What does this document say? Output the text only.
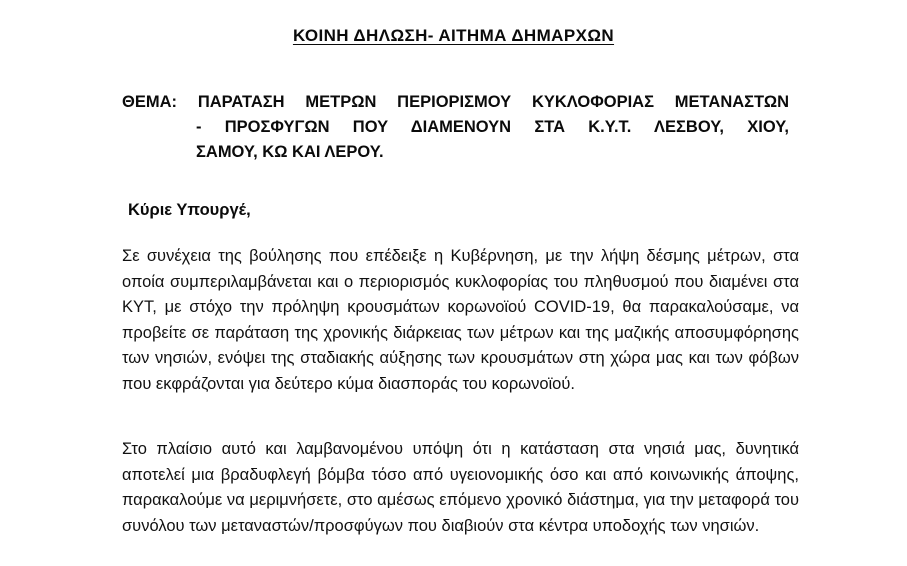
ΚΟΙΝΗ ΔΗΛΩΣΗ- ΑΙΤΗΜΑ ΔΗΜΑΡΧΩΝ
ΘΕΜΑ: ΠΑΡΑΤΑΣΗ ΜΕΤΡΩΝ ΠΕΡΙΟΡΙΣΜΟΥ ΚΥΚΛΟΦΟΡΙΑΣ ΜΕΤΑΝΑΣΤΩΝ
- ΠΡΟΣΦΥΓΩΝ ΠΟΥ ΔΙΑΜΕΝΟΥΝ ΣΤΑ Κ.Υ.Τ. ΛΕΣΒΟΥ, ΧΙΟΥ,
ΣΑΜΟΥ, ΚΩ ΚΑΙ ΛΕΡΟΥ.
Κύριε Υπουργέ,

Σε συνέχεια της βούλησης που επέδειξε η Κυβέρνηση, με την λήψη δέσμης μέτρων, στα οποία συμπεριλαμβάνεται και ο περιορισμός κυκλοφορίας του πληθυσμού που διαμένει στα ΚΥΤ, με στόχο την πρόληψη κρουσμάτων κορωνοϊού COVID-19, θα παρακαλούσαμε, να προβείτε σε παράταση της χρονικής διάρκειας των μέτρων και της μαζικής αποσυμφόρησης των νησιών, ενόψει της σταδιακής αύξησης των κρουσμάτων στη χώρα μας και των φόβων που εκφράζονται για δεύτερο κύμα διασποράς του κορωνοϊού.

Στο πλαίσιο αυτό και λαμβανομένου υπόψη ότι η κατάσταση στα νησιά μας, δυνητικά αποτελεί μια βραδυφλεγή βόμβα τόσο από υγειονομικής όσο και από κοινωνικής άποψης, παρακαλούμε να μεριμνήσετε, στο αμέσως επόμενο χρονικό διάστημα, για την μεταφορά του συνόλου των μεταναστών/προσφύγων που διαβιούν στα κέντρα υποδοχής των νησιών.
